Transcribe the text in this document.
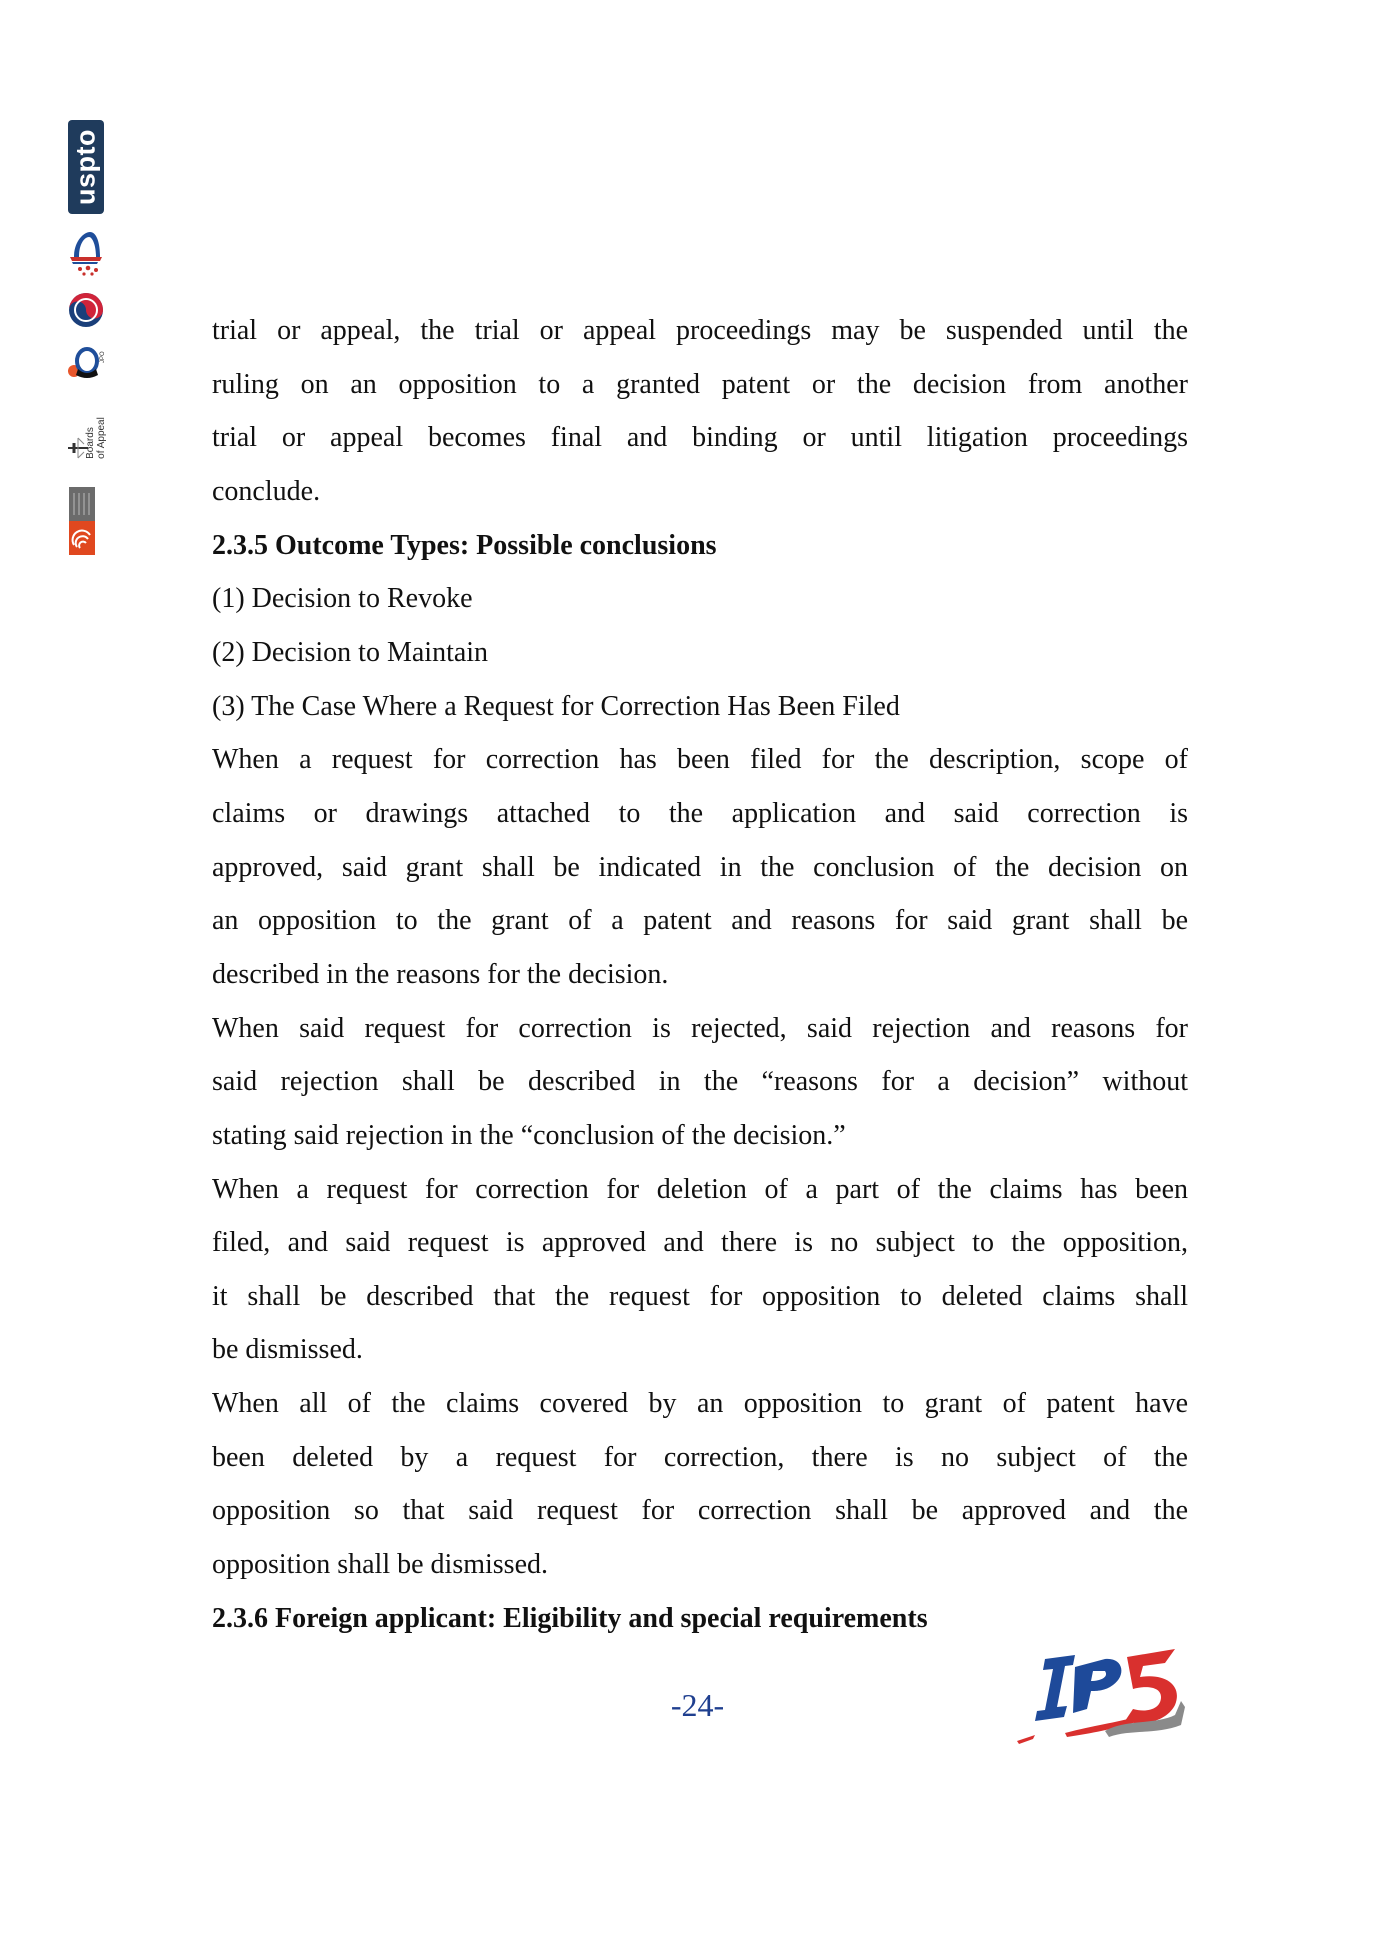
uspto
JPO
Boards of Appeal
trial or appeal, the trial or appeal proceedings may be suspended until the
ruling on an opposition to a granted patent or the decision from another
trial or appeal becomes final and binding or until litigation proceedings
conclude.
2.3.5 Outcome Types: Possible conclusions
(1) Decision to Revoke
(2) Decision to Maintain
(3) The Case Where a Request for Correction Has Been Filed
When a request for correction has been filed for the description, scope of
claims or drawings attached to the application and said correction is
approved, said grant shall be indicated in the conclusion of the decision on
an opposition to the grant of a patent and reasons for said grant shall be
described in the reasons for the decision.
When said request for correction is rejected, said rejection and reasons for
said rejection shall be described in the “reasons for a decision” without
stating said rejection in the “conclusion of the decision.”
When a request for correction for deletion of a part of the claims has been
filed, and said request is approved and there is no subject to the opposition,
it shall be described that the request for opposition to deleted claims shall
be dismissed.
When all of the claims covered by an opposition to grant of patent have
been deleted by a request for correction, there is no subject of the
opposition so that said request for correction shall be approved and the
opposition shall be dismissed.
2.3.6 Foreign applicant: Eligibility and special requirements
-24-
